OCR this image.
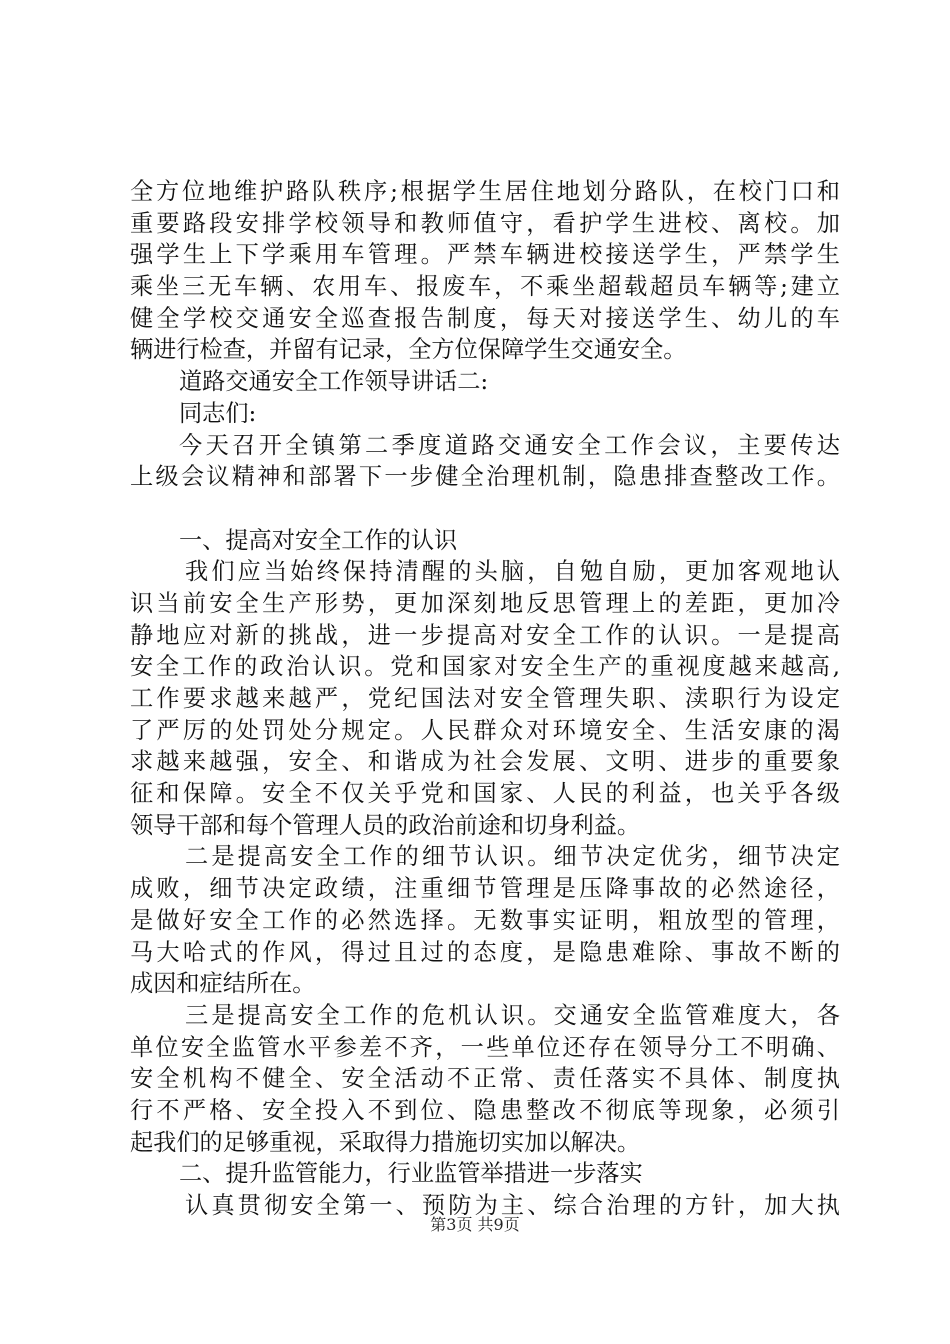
全方位地维护路队秩序;根据学生居住地划分路队，在校门口和
重要路段安排学校领导和教师值守，看护学生进校、离校。加
强学生上下学乘用车管理。严禁车辆进校接送学生，严禁学生
乘坐三无车辆、农用车、报废车，不乘坐超载超员车辆等;建立
健全学校交通安全巡查报告制度，每天对接送学生、幼儿的车
辆进行检查，并留有记录，全方位保障学生交通安全。
道路交通安全工作领导讲话二:
同志们:
今天召开全镇第二季度道路交通安全工作会议，主要传达
上级会议精神和部署下一步健全治理机制，隐患排查整改工作。
一、提高对安全工作的认识
我们应当始终保持清醒的头脑，自勉自励，更加客观地认
识当前安全生产形势，更加深刻地反思管理上的差距，更加冷
静地应对新的挑战，进一步提高对安全工作的认识。一是提高
安全工作的政治认识。党和国家对安全生产的重视度越来越高,
工作要求越来越严，党纪国法对安全管理失职、渎职行为设定
了严厉的处罚处分规定。人民群众对环境安全、生活安康的渴
求越来越强，安全、和谐成为社会发展、文明、进步的重要象
征和保障。安全不仅关乎党和国家、人民的利益，也关乎各级
领导干部和每个管理人员的政治前途和切身利益。
二是提高安全工作的细节认识。细节决定优劣，细节决定
成败，细节决定政绩，注重细节管理是压降事故的必然途径，
是做好安全工作的必然选择。无数事实证明，粗放型的管理，
马大哈式的作风，得过且过的态度，是隐患难除、事故不断的
成因和症结所在。
三是提高安全工作的危机认识。交通安全监管难度大，各
单位安全监管水平参差不齐，一些单位还存在领导分工不明确、
安全机构不健全、安全活动不正常、责任落实不具体、制度执
行不严格、安全投入不到位、隐患整改不彻底等现象，必须引
起我们的足够重视，采取得力措施切实加以解决。
二、提升监管能力，行业监管举措进一步落实
认真贯彻安全第一、预防为主、综合治理的方针，加大执
第3页 共9页
